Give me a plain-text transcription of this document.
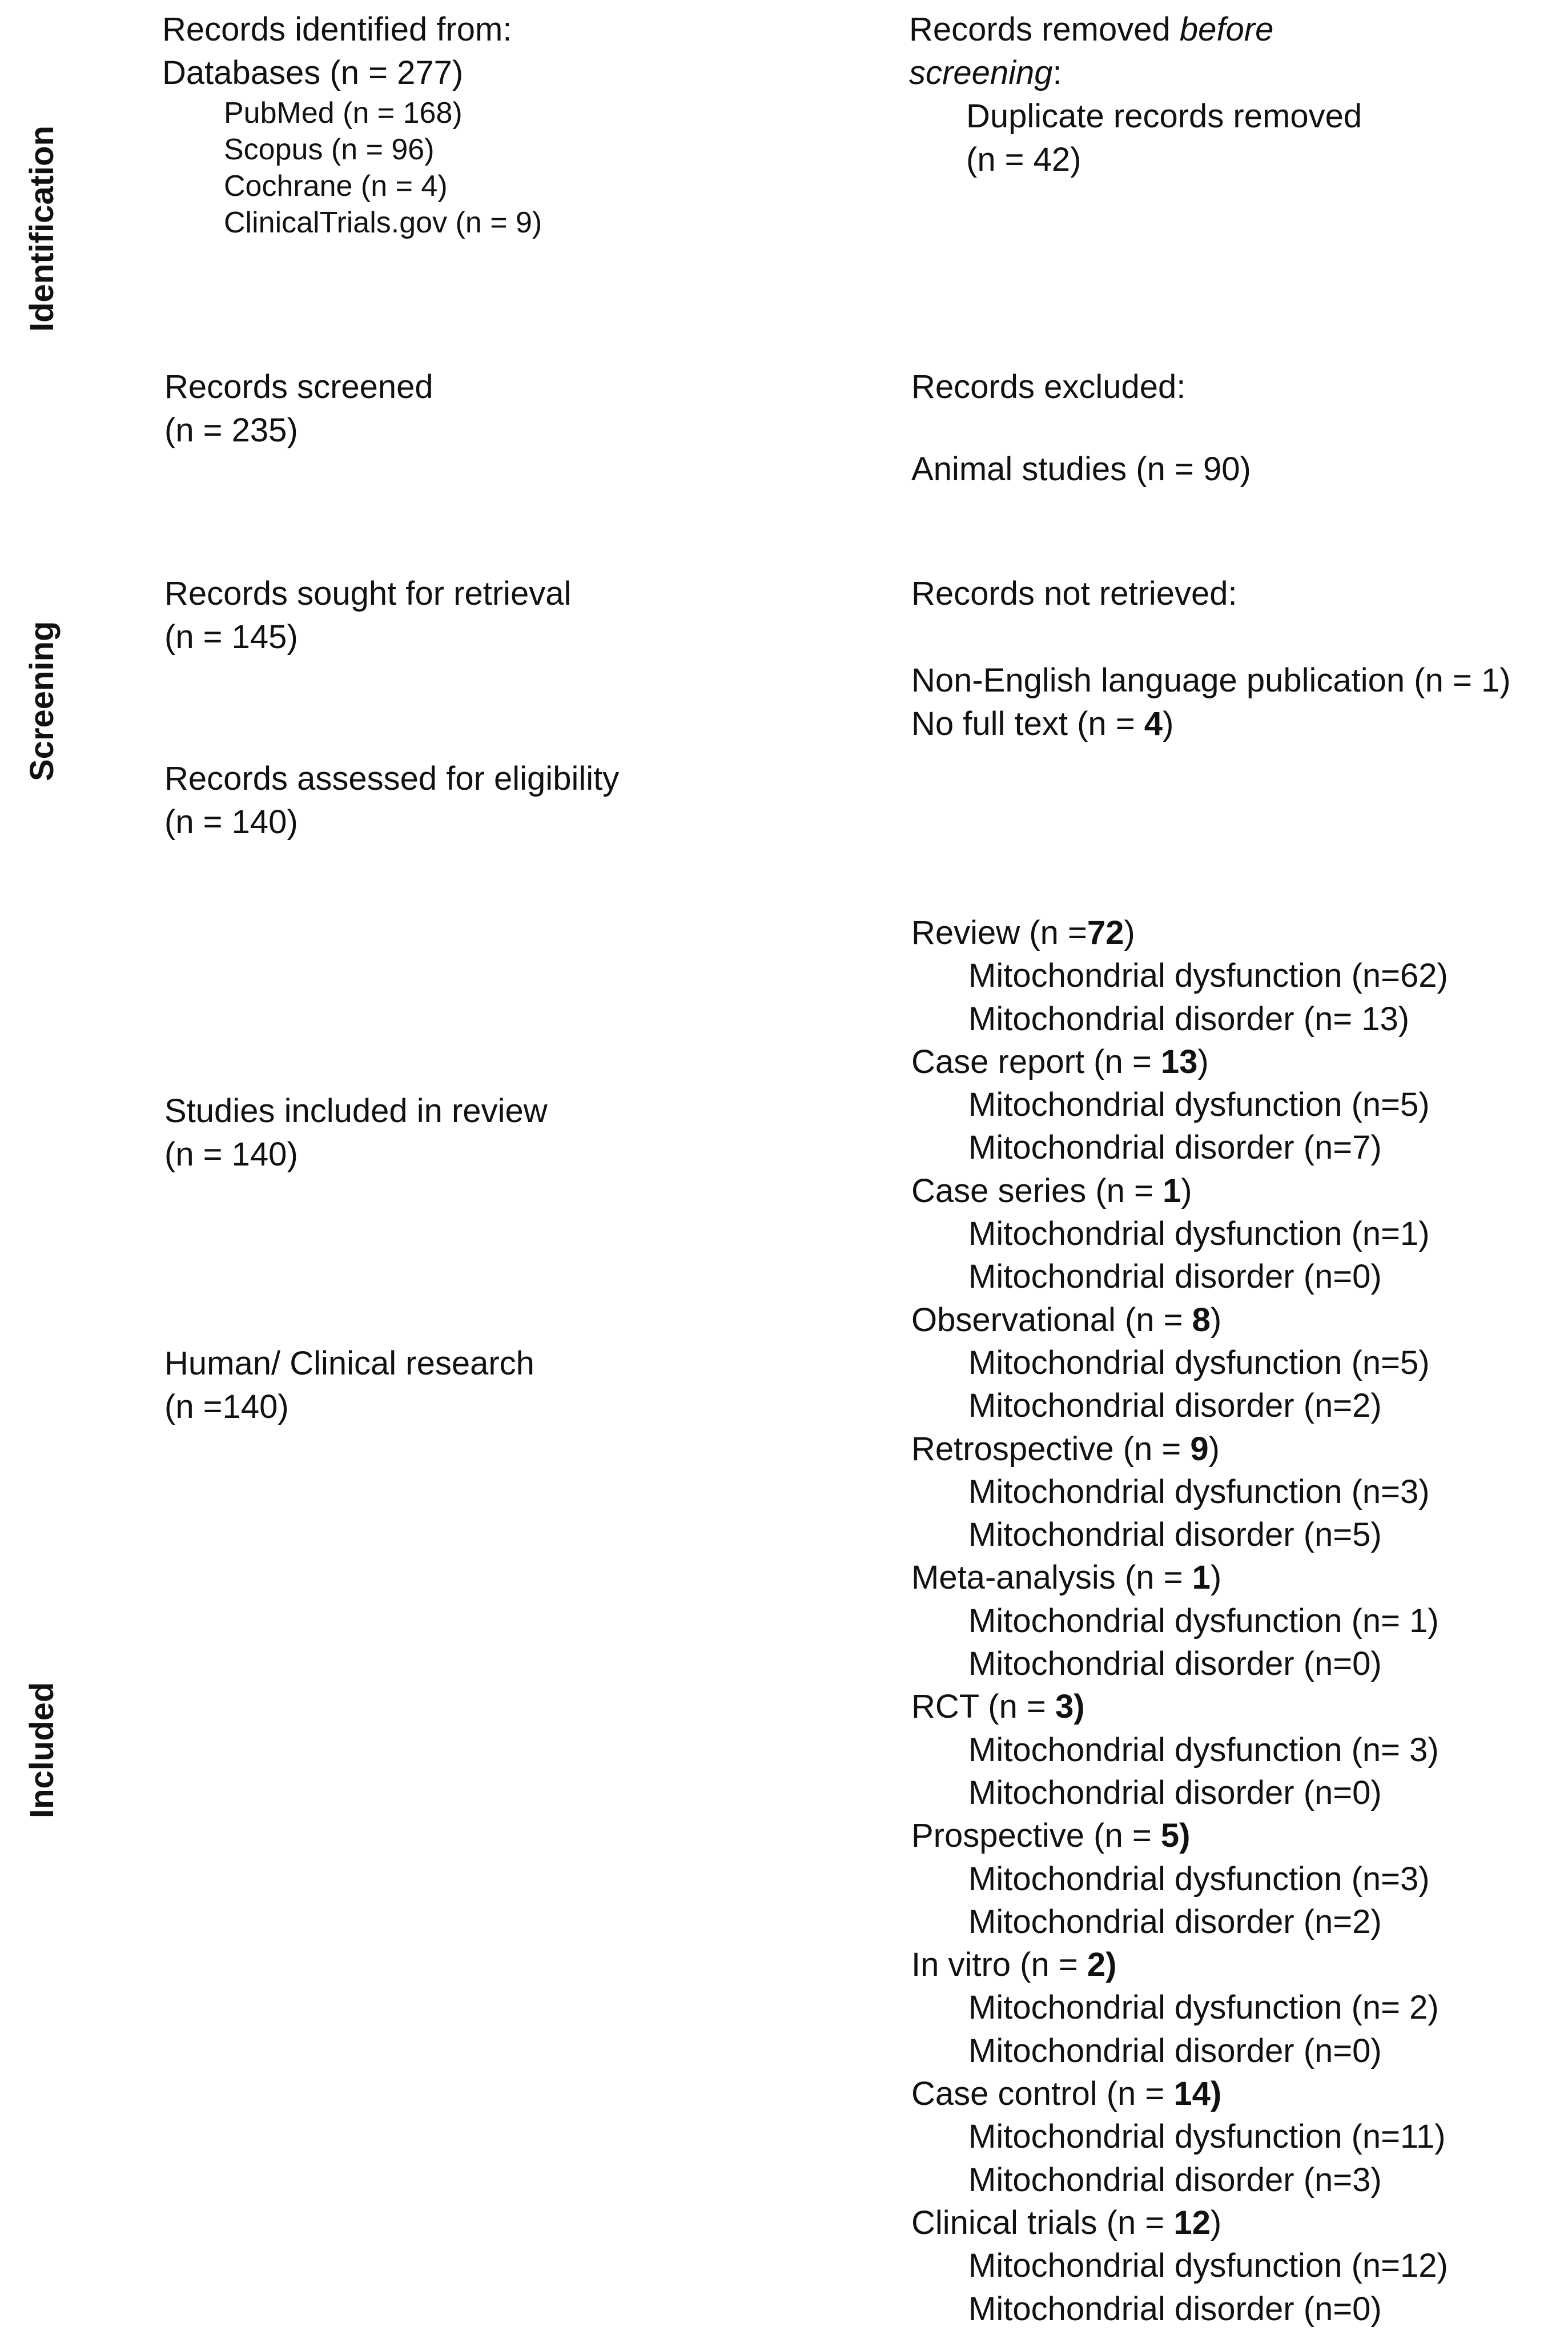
Identification
Screening
Included
Records identified from:
Databases (n = 277)
PubMed (n = 168)
Scopus (n = 96)
Cochrane (n = 4)
ClinicalTrials.gov (n = 9)
Records removed before
screening:
Duplicate records removed
(n = 42)
Records screened
(n = 235)
Records excluded:
Animal studies (n = 90)
Records sought for retrieval
(n = 145)
Records not retrieved:
Non-English language publication (n = 1)
No full text (n = 4)
Records assessed for eligibility
(n = 140)
Studies included in review
(n = 140)
Human/ Clinical research
(n =140)
Review (n =72)
Mitochondrial dysfunction (n=62)
Mitochondrial disorder (n= 13)
Case report (n = 13)
Mitochondrial dysfunction (n=5)
Mitochondrial disorder (n=7)
Case series (n = 1)
Mitochondrial dysfunction (n=1)
Mitochondrial disorder (n=0)
Observational (n = 8)
Mitochondrial dysfunction (n=5)
Mitochondrial disorder (n=2)
Retrospective (n = 9)
Mitochondrial dysfunction (n=3)
Mitochondrial disorder (n=5)
Meta-analysis (n = 1)
Mitochondrial dysfunction (n= 1)
Mitochondrial disorder (n=0)
RCT (n = 3)
Mitochondrial dysfunction (n= 3)
Mitochondrial disorder (n=0)
Prospective (n = 5)
Mitochondrial dysfunction (n=3)
Mitochondrial disorder (n=2)
In vitro (n = 2)
Mitochondrial dysfunction (n= 2)
Mitochondrial disorder (n=0)
Case control (n = 14)
Mitochondrial dysfunction (n=11)
Mitochondrial disorder (n=3)
Clinical trials (n = 12)
Mitochondrial dysfunction (n=12)
Mitochondrial disorder (n=0)
